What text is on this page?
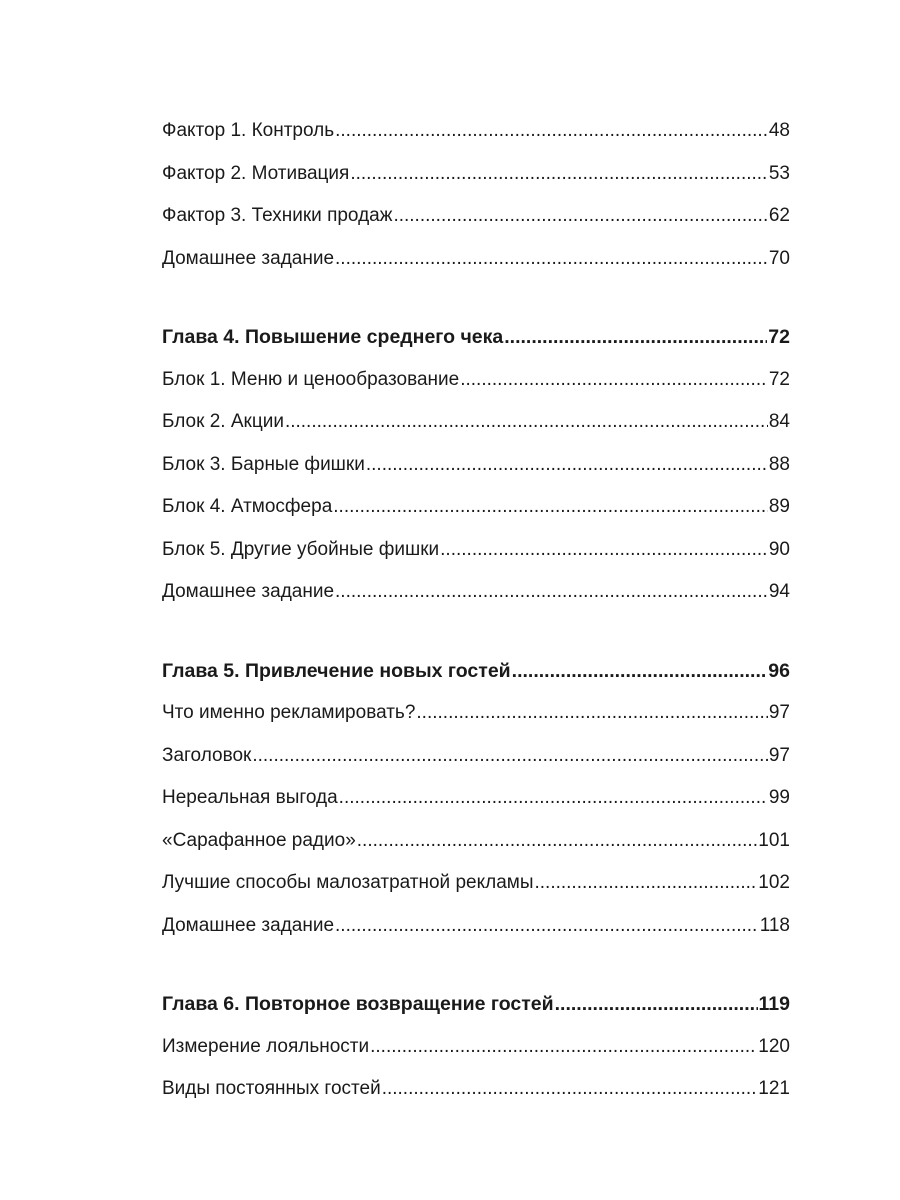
Фактор 1. Контроль .....	48
Фактор 2. Мотивация .....	53
Фактор 3. Техники продаж .....	62
Домашнее задание .....	70
Глава 4. Повышение среднего чека .....	72
Блок 1. Меню и ценообразование .....	72
Блок 2. Акции .....	84
Блок 3. Барные фишки .....	88
Блок 4. Атмосфера .....	89
Блок 5. Другие убойные фишки .....	90
Домашнее задание .....	94
Глава 5. Привлечение новых гостей .....	96
Что именно рекламировать? .....	97
Заголовок .....	97
Нереальная выгода .....	99
«Сарафанное радио» .....	101
Лучшие способы малозатратной рекламы .....	102
Домашнее задание .....	118
Глава 6. Повторное возвращение гостей .....	119
Измерение лояльности .....	120
Виды постоянных гостей .....	121
